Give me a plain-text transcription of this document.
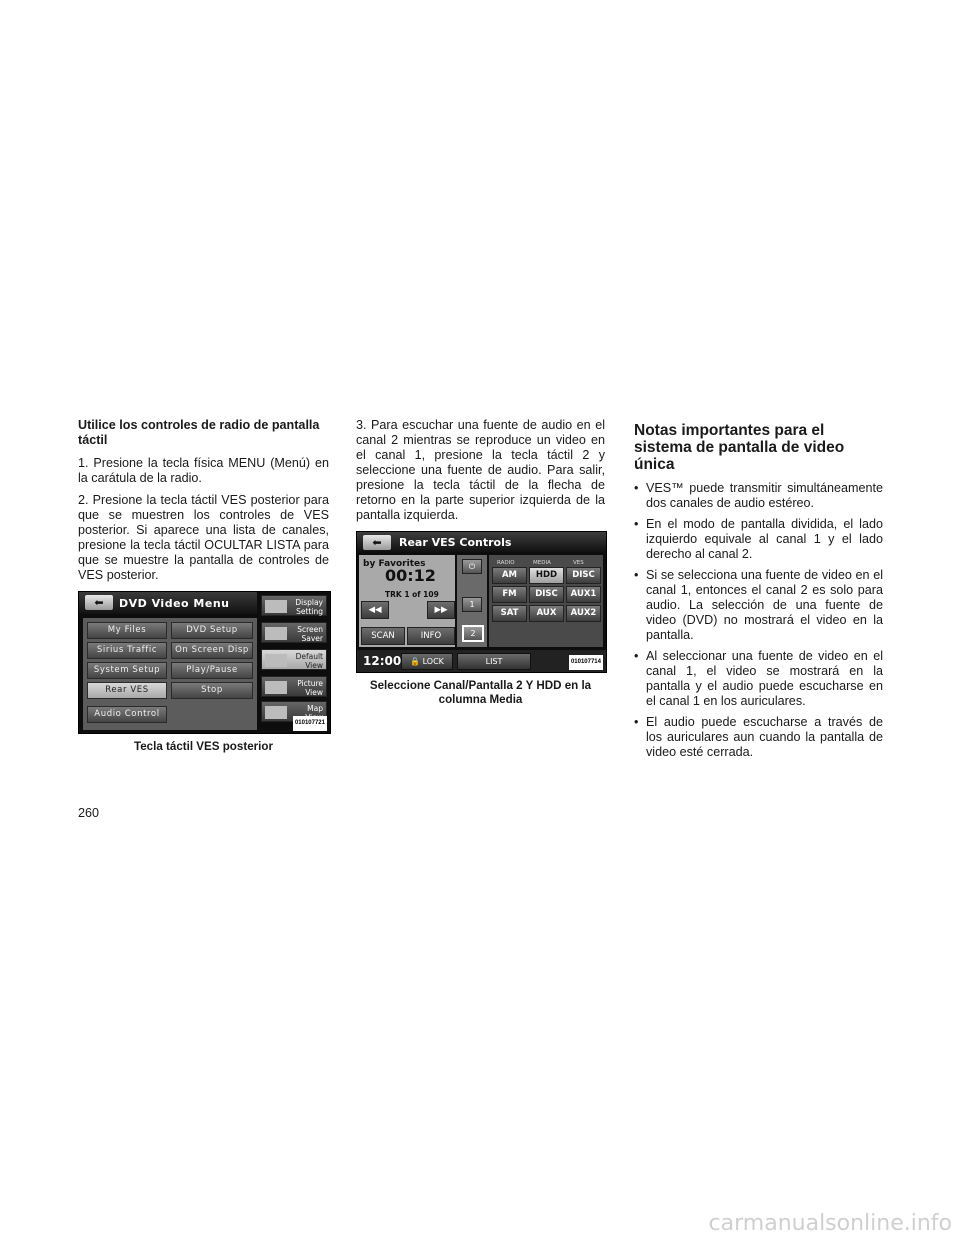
Utilice los controles de radio de pantalla táctil

1. Presione la tecla física MENU (Menú) en la carátula de la radio.

2. Presione la tecla táctil VES posterior para que se muestren los controles de VES posterior. Si aparece una lista de canales, presione la tecla táctil OCULTAR LISTA para que se muestre la pantalla de controles de VES posterior.

⬅	DVD Video Menu
My Files	DVD Setup
Sirius Traffic	On Screen Disp
System Setup	Play/Pause
Rear VES	Stop
Audio Control
Display
Setting
Screen
Saver
Default
View
Picture
View
Map
010107721
Tecla táctil VES posterior

3. Para escuchar una fuente de audio en el canal 2 mientras se reproduce un video en el canal 1, presione la tecla táctil 2 y seleccione una fuente de audio. Para salir, presione la tecla táctil de la flecha de retorno en la parte superior izquierda de la pantalla izquierda.

⬅	Rear VES Controls
by Favorites
00:12
TRK 1 of 109
◀◀	▶▶
SCAN	INFO
⏻
1
2
RADIO	MEDIA	VES
AM	HDD	DISC
FM	DISC	AUX1
SAT	AUX	AUX2
12:00	🔒 LOCK	LIST	010107714
Seleccione Canal/Pantalla 2 Y HDD en la columna Media
Notas importantes para el sistema de pantalla de video única
• VES™ puede transmitir simultáneamente dos canales de audio estéreo.
• En el modo de pantalla dividida, el lado izquierdo equivale al canal 1 y el lado derecho al canal 2.
• Si se selecciona una fuente de video en el canal 1, entonces el canal 2 es solo para audio. La selección de una fuente de video (DVD) no mostrará el video en la pantalla.
• Al seleccionar una fuente de video en el canal 1, el video se mostrará en la pantalla y el audio puede escucharse en el canal 1 en los auriculares.
• El audio puede escucharse a través de los auriculares aun cuando la pantalla de video esté cerrada.
260
carmanualsonline.info
